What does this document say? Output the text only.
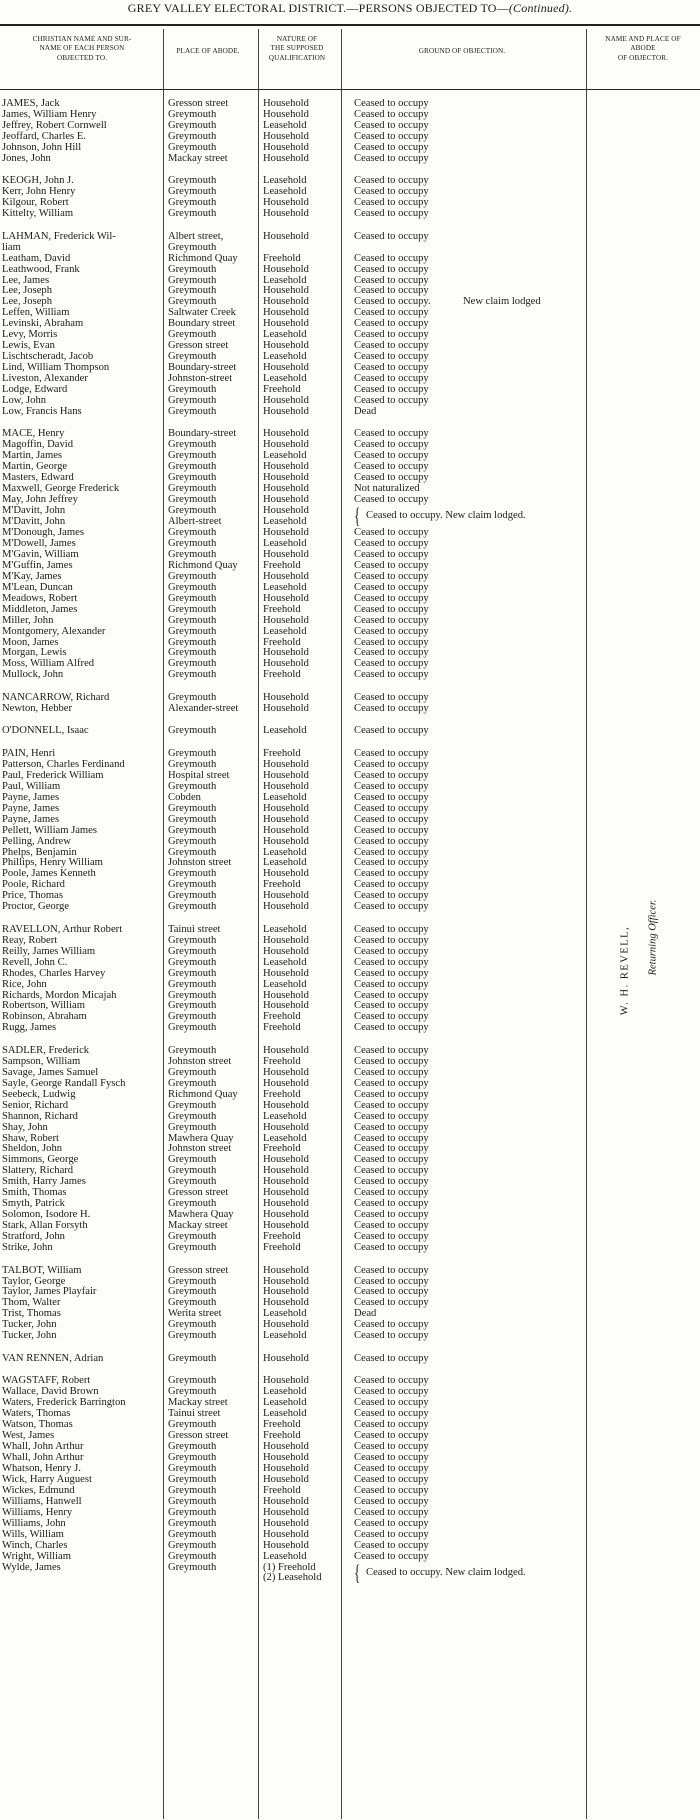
GREY VALLEY ELECTORAL DISTRICT.—PERSONS OBJECTED TO—(Continued).
CHRISTIAN NAME AND SUR-
NAME OF EACH PERSON
OBJECTED TO.
PLACE OF ABODE.
NATURE OF
THE SUPPOSED
QUALIFICATION
GROUND OF OBJECTION.
NAME AND PLACE OF
ABODE
OF OBJECTOR.
JAMES, Jack	Gresson street	Household	Ceased to occupy
James, William Henry	Greymouth	Household	Ceased to occupy
Jeffrey, Robert Cornwell	Greymouth	Leasehold	Ceased to occupy
Jeoffard, Charles E.	Greymouth	Household	Ceased to occupy
Johnson, John Hill	Greymouth	Household	Ceased to occupy
Jones, John	Mackay street	Household	Ceased to occupy
KEOGH, John J.	Greymouth	Leasehold	Ceased to occupy
Kerr, John Henry	Greymouth	Leasehold	Ceased to occupy
Kilgour, Robert	Greymouth	Household	Ceased to occupy
Kittelty, William	Greymouth	Household	Ceased to occupy
LAHMAN, Frederick Wil-	Albert street,	Household	Ceased to occupy
liam	Greymouth
Leatham, David	Richmond Quay Freehold	Ceased to occupy
Leathwood, Frank	Greymouth	Household	Ceased to occupy
Lee, James	Greymouth	Leasehold	Ceased to occupy
Lee, Joseph	Greymouth	Household	Ceased to occupy
Lee, Joseph	Greymouth	Household	Ceased to occupy.	New claim lodged
Leffen, William	Saltwater Creek	Household	Ceased to occupy
Levinski, Abraham	Boundary street	Household	Ceased to occupy
Levy, Morris	Greymouth	Leasehold	Ceased to occupy
Lewis, Evan	Gresson street	Household	Ceased to occupy
Lischtscheradt, Jacob	Greymouth	Leasehold	Ceased to occupy
Lind, William Thompson	Boundary-street	Household	Ceased to occupy
Liveston, Alexander	Johnston-street	Leasehold	Ceased to occupy
Lodge, Edward	Greymouth	Freehold	Ceased to occupy
Low, John	Greymouth	Household	Ceased to occupy
Low, Francis Hans	Greymouth	Household	Dead
MACE, Henry	Boundary-street	Household	Ceased to occupy
Magoffin, David	Greymouth	Household	Ceased to occupy
Martin, James	Greymouth	Leasehold	Ceased to occupy
Martin, George	Greymouth	Household	Ceased to occupy
Masters, Edward	Greymouth	Household	Ceased to occupy
Maxwell, George Frederick	Greymouth	Household	Not naturalized
May, John Jeffrey	Greymouth	Household	Ceased to occupy
M'Davitt, John	Greymouth	Household { Ceased to occupy. New claim lodged.
M'Davitt, John	Albert-street	Leasehold
M'Donough, James	Greymouth	Household	Ceased to occupy
M'Dowell, James	Greymouth	Leasehold	Ceased to occupy
M'Gavin, William	Greymouth	Household	Ceased to occupy
M'Guffin, James	Richmond Quay Freehold	Ceased to occupy
M'Kay, James	Greymouth	Household	Ceased to occupy
M'Lean, Duncan	Greymouth	Leasehold	Ceased to occupy
Meadows, Robert	Greymouth	Household	Ceased to occupy
Middleton, James	Greymouth	Freehold	Ceased to occupy
Miller, John	Greymouth	Household	Ceased to occupy
Montgomery, Alexander	Greymouth	Leasehold	Ceased to occupy
Moon, James	Greymouth	Freehold	Ceased to occupy
Morgan, Lewis	Greymouth	Household	Ceased to occupy
Moss, William Alfred	Greymouth	Household	Ceased to occupy
Mullock, John	Greymouth	Freehold	Ceased to occupy
NANCARROW, Richard	Greymouth	Household	Ceased to occupy
Newton, Hebber	Alexander-street Household	Ceased to occupy
O'DONNELL, Isaac	Greymouth	Leasehold	Ceased to occupy
PAIN, Henri	Greymouth	Freehold	Ceased to occupy
Patterson, Charles Ferdinand	Greymouth	Household	Ceased to occupy
Paul, Frederick William	Hospital street	Household	Ceased to occupy
Paul, William	Greymouth	Household	Ceased to occupy
Payne, James	Cobden	Leasehold	Ceased to occupy
Payne, James	Greymouth	Household	Ceased to occupy
Payne, James	Greymouth	Household	Ceased to occupy
Pellett, William James	Greymouth	Household	Ceased to occupy
Pelling, Andrew	Greymouth	Household	Ceased to occupy
Phelps, Benjamin	Greymouth	Leasehold	Ceased to occupy
Phillips, Henry William	Johnston street	Leasehold	Ceased to occupy
Poole, James Kenneth	Greymouth	Household	Ceased to occupy
Poole, Richard	Greymouth	Freehold	Ceased to occupy
Price, Thomas	Greymouth	Household	Ceased to occupy
Proctor, George	Greymouth	Household	Ceased to occupy
RAVELLON, Arthur Robert	Tainui street	Leasehold	Ceased to occupy
Reay, Robert	Greymouth	Household	Ceased to occupy
Reilly, James William	Greymouth	Household	Ceased to occupy
Revell, John C.	Greymouth	Leasehold	Ceased to occupy
Rhodes, Charles Harvey	Greymouth	Household	Ceased to occupy
Rice, John	Greymouth	Leasehold	Ceased to occupy
Richards, Mordon Micajah	Greymouth	Household	Ceased to occupy
Robertson, William	Greymouth	Household	Ceased to occupy
Robinson, Abraham	Greymouth	Freehold	Ceased to occupy
Rugg, James	Greymouth	Freehold	Ceased to occupy
SADLER, Frederick	Greymouth	Household	Ceased to occupy
Sampson, William	Johnston street	Freehold	Ceased to occupy
Savage, James Samuel	Greymouth	Household	Ceased to occupy
Sayle, George Randall Fysch	Greymouth	Household	Ceased to occupy
Seebeck, Ludwig	Richmond Quay Freehold	Ceased to occupy
Senior, Richard	Greymouth	Household	Ceased to occupy
Shannon, Richard	Greymouth	Leasehold	Ceased to occupy
Shay, John	Greymouth	Household	Ceased to occupy
Shaw, Robert	Mawhera Quay	Leasehold	Ceased to occupy
Sheldon, John	Johnston street	Freehold	Ceased to occupy
Simmons, George	Greymouth	Household	Ceased to occupy
Slattery, Richard	Greymouth	Household	Ceased to occupy
Smith, Harry James	Greymouth	Household	Ceased to occupy
Smith, Thomas	Gresson street	Household	Ceased to occupy
Smyth, Patrick	Greymouth	Household	Ceased to occupy
Solomon, Isodore H.	Mawhera Quay	Household	Ceased to occupy
Stark, Allan Forsyth	Mackay street	Household	Ceased to occupy
Stratford, John	Greymouth	Freehold	Ceased to occupy
Strike, John	Greymouth	Freehold	Ceased to occupy
TALBOT, William	Gresson street	Household	Ceased to occupy
Taylor, George	Greymouth	Household	Ceased to occupy
Taylor, James Playfair	Greymouth	Household	Ceased to occupy
Thom, Walter	Greymouth	Household	Ceased to occupy
Trist, Thomas	Werita street	Leasehold	Dead
Tucker, John	Greymouth	Household	Ceased to occupy
Tucker, John	Greymouth	Leasehold	Ceased to occupy
VAN RENNEN, Adrian	Greymouth	Household	Ceased to occupy
WAGSTAFF, Robert	Greymouth	Household	Ceased to occupy
Wallace, David Brown	Greymouth	Leasehold	Ceased to occupy
Waters, Frederick Barrington	Mackay street	Leasehold	Ceased to occupy
Waters, Thomas	Tainui street	Leasehold	Ceased to occupy
Watson, Thomas	Greymouth	Freehold	Ceased to occupy
West, James	Gresson street	Freehold	Ceased to occupy
Whall, John Arthur	Greymouth	Household	Ceased to occupy
Whall, John Arthur	Greymouth	Household	Ceased to occupy
Whatson, Henry J.	Greymouth	Household	Ceased to occupy
Wick, Harry Auguest	Greymouth	Household	Ceased to occupy
Wickes, Edmund	Greymouth	Freehold	Ceased to occupy
Williams, Hanwell	Greymouth	Household	Ceased to occupy
Williams, Henry	Greymouth	Household	Ceased to occupy
Williams, John	Greymouth	Household	Ceased to occupy
Wills, William	Greymouth	Household	Ceased to occupy
Winch, Charles	Greymouth	Household	Ceased to occupy
Wright, William	Greymouth	Leasehold	Ceased to occupy
Wylde, James	Greymouth	(1) Freehold { Ceased to occupy. New claim lodged.
(2) Leasehold
W. H. REVELL, Returning Officer.
